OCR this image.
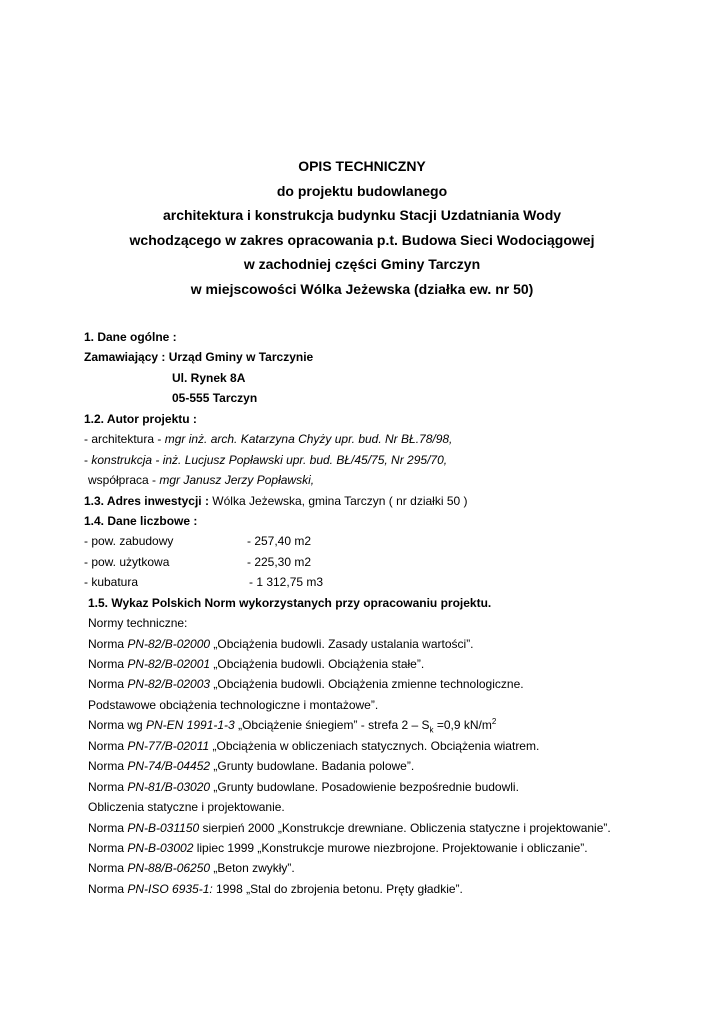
OPIS TECHNICZNY
do projektu budowlanego
architektura i konstrukcja budynku Stacji Uzdatniania Wody
wchodzącego w zakres opracowania p.t. Budowa Sieci Wodociągowej
w zachodniej części Gminy Tarczyn
w miejscowości Wólka Jeżewska (działka ew. nr 50)
1. Dane ogólne :
Zamawiający : Urząd Gminy w Tarczynie
Ul. Rynek 8A
05-555 Tarczyn
1.2. Autor projektu :
- architektura - mgr inż. arch. Katarzyna Chyży upr. bud. Nr BŁ.78/98,
- konstrukcja - inż. Lucjusz Popławski upr. bud. BŁ/45/75, Nr 295/70,
współpraca - mgr Janusz Jerzy Popławski,
1.3. Adres inwestycji : Wólka Jeżewska, gmina Tarczyn ( nr działki 50 )
1.4. Dane liczbowe :
- pow. zabudowy	- 257,40 m2
- pow. użytkowa	- 225,30 m2
- kubatura	- 1 312,75 m3
1.5. Wykaz Polskich Norm wykorzystanych przy opracowaniu projektu.
Normy techniczne:
Norma PN-82/B-02000 „Obciążenia budowli. Zasady ustalania wartości”.
Norma PN-82/B-02001 „Obciążenia budowli. Obciążenia stałe”.
Norma PN-82/B-02003 „Obciążenia budowli. Obciążenia zmienne technologiczne.
Podstawowe obciążenia technologiczne i montażowe”.
Norma wg PN-EN 1991-1-3 „Obciążenie śniegiem” - strefa $2 - S_k =0,9$ $kN/m^2$
Norma PN-77/B-02011 „Obciążenia w obliczeniach statycznych. Obciążenia wiatrem.
Norma PN-74/B-04452 „Grunty budowlane. Badania polowe”.
Norma PN-81/B-03020 „Grunty budowlane. Posadowienie bezpośrednie budowli.
Obliczenia statyczne i projektowanie.
Norma PN-B-031150 sierpień 2000 „Konstrukcje drewniane. Obliczenia statyczne i projektowanie”.
Norma PN-B-03002 lipiec 1999 „Konstrukcje murowe niezbrojone. Projektowanie i obliczanie”.
Norma PN-88/B-06250 „Beton zwykły”.
Norma PN-ISO 6935-1: 1998 „Stal do zbrojenia betonu. Pręty gładkie”.
